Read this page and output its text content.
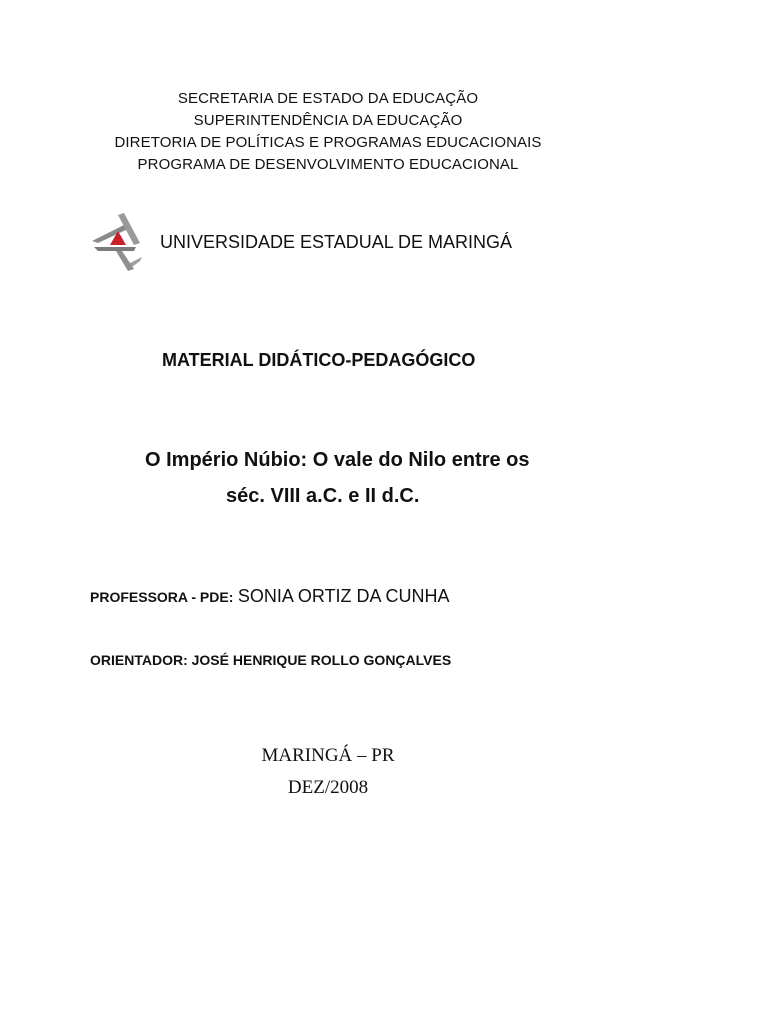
SECRETARIA DE ESTADO DA EDUCAÇÃO
SUPERINTENDÊNCIA DA EDUCAÇÃO
DIRETORIA DE POLÍTICAS E PROGRAMAS EDUCACIONAIS
PROGRAMA DE DESENVOLVIMENTO EDUCACIONAL
UNIVERSIDADE ESTADUAL DE MARINGÁ
MATERIAL DIDÁTICO-PEDAGÓGICO
O Império Núbio: O vale do Nilo entre os
séc. VIII a.C. e II d.C.
PROFESSORA - PDE: SONIA ORTIZ DA CUNHA
ORIENTADOR: JOSÉ HENRIQUE ROLLO GONÇALVES
MARINGÁ – PR
DEZ/2008
